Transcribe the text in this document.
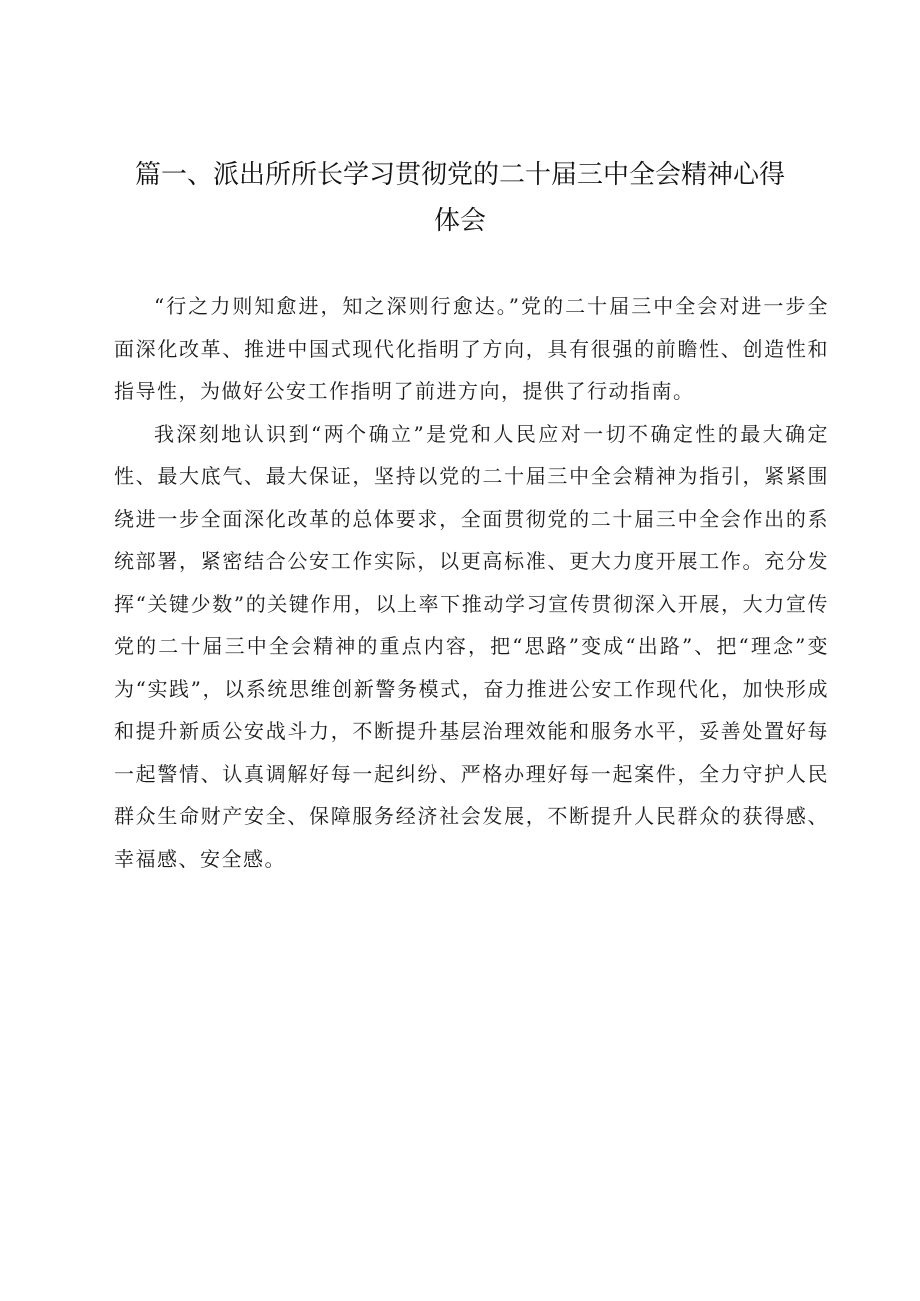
篇一、派出所所长学习贯彻党的二十届三中全会精神心得
体会

“行之力则知愈进，知之深则行愈达。”党的二十届三中全会对进一步全面深化改革、推进中国式现代化指明了方向，具有很强的前瞻性、创造性和指导性，为做好公安工作指明了前进方向，提供了行动指南。

我深刻地认识到“两个确立”是党和人民应对一切不确定性的最大确定性、最大底气、最大保证，坚持以党的二十届三中全会精神为指引，紧紧围绕进一步全面深化改革的总体要求，全面贯彻党的二十届三中全会作出的系统部署，紧密结合公安工作实际，以更高标准、更大力度开展工作。充分发挥“关键少数”的关键作用，以上率下推动学习宣传贯彻深入开展，大力宣传党的二十届三中全会精神的重点内容，把“思路”变成“出路”、把“理念”变为“实践”，以系统思维创新警务模式，奋力推进公安工作现代化，加快形成和提升新质公安战斗力，不断提升基层治理效能和服务水平，妥善处置好每一起警情、认真调解好每一起纠纷、严格办理好每一起案件，全力守护人民群众生命财产安全、保障服务经济社会发展，不断提升人民群众的获得感、幸福感、安全感。
